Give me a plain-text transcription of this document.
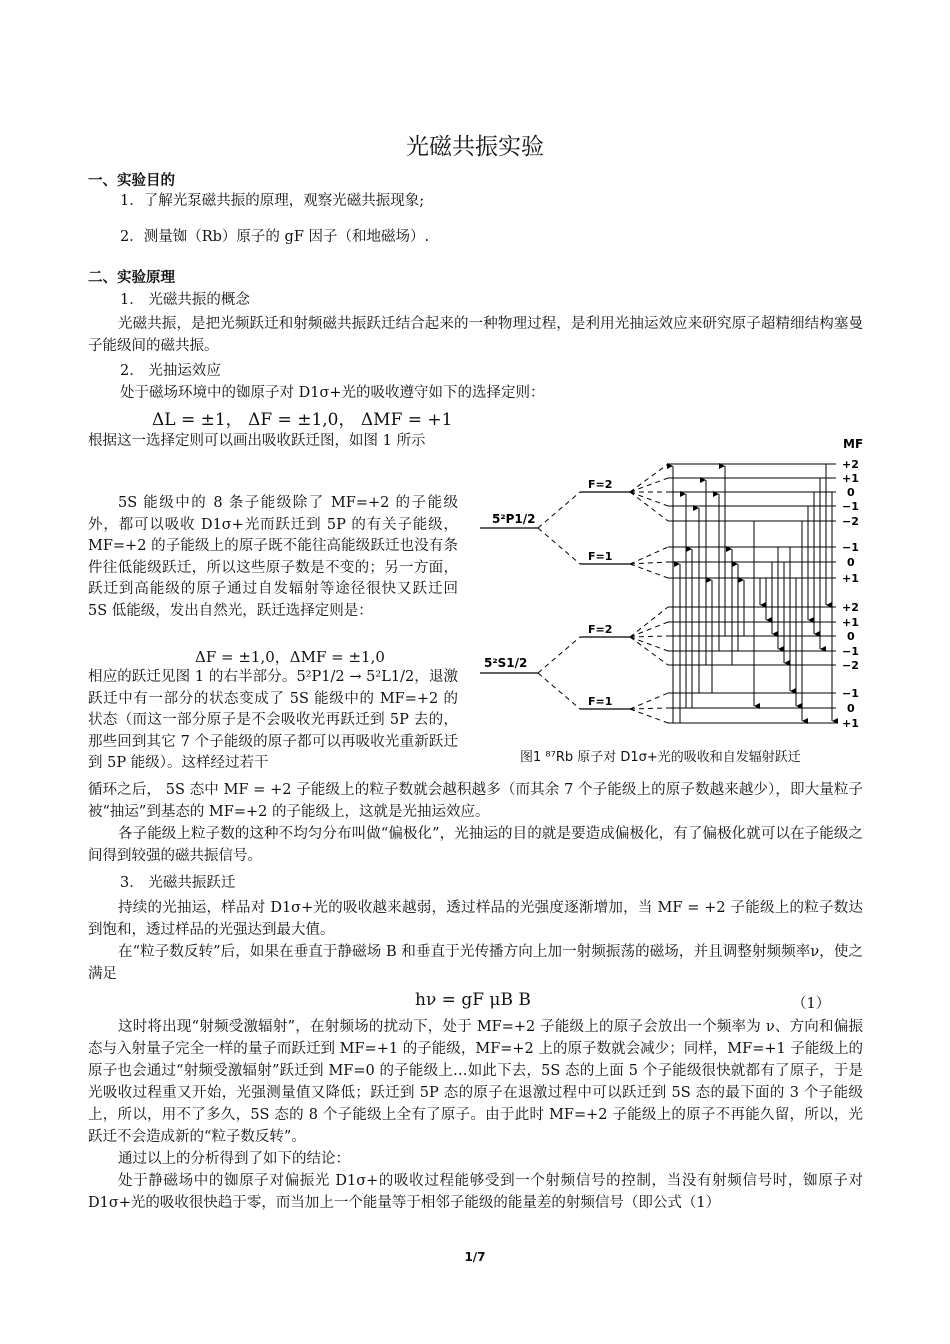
光磁共振实验
一、实验目的
1．了解光泵磁共振的原理，观察光磁共振现象;
2．测量铷（Rb）原子的 gF 因子（和地磁场）.
二、实验原理
1． 光磁共振的概念

光磁共振，是把光频跃迁和射频磁共振跃迁结合起来的一种物理过程，是利用光抽运效应来研究原子超精细结构塞曼子能级间的磁共振。

2． 光抽运效应
处于磁场环境中的铷原子对 D1σ+光的吸收遵守如下的选择定则：
ΔL = ±1， ΔF = ±1,0， ΔMF = +1

根据这一选择定则可以画出吸收跃迁图，如图 1 所示

5S 能级中的 8 条子能级除了 MF=+2 的子能级外，都可以吸收 D1σ+光而跃迁到 5P 的有关子能级，MF=+2 的子能级上的原子既不能往高能级跃迁也没有条件往低能级跃迁，所以这些原子数是不变的；另一方面，跃迁到高能级的原子通过自发辐射等途径很快又跃迁回 5S 低能级，发出自然光，跃迁选择定则是：

ΔF = ±1,0，ΔMF = ±1,0

相应的跃迁见图 1 的右半部分。5²P1/2 → 5²L1/2，退激跃迁中有一部分的状态变成了 5S 能级中的 MF=+2 的状态（而这一部分原子是不会吸收光再跃迁到 5P 去的，那些回到其它 7 个子能级的原子都可以再吸收光重新跃迁到 5P 能级）。这样经过若干

循环之后， 5S 态中 MF = +2 子能级上的粒子数就会越积越多（而其余 7 个子能级上的原子数越来越少），即大量粒子被“抽运”到基态的 MF=+2 的子能级上，这就是光抽运效应。

各子能级上粒子数的这种不均匀分布叫做“偏极化”，光抽运的目的就是要造成偏极化，有了偏极化就可以在子能级之间得到较强的磁共振信号。

3． 光磁共振跃迁

持续的光抽运，样品对 D1σ+光的吸收越来越弱，透过样品的光强度逐渐增加，当 MF = +2 子能级上的粒子数达到饱和，透过样品的光强达到最大值。

在“粒子数反转”后，如果在垂直于静磁场 B 和垂直于光传播方向上加一射频振荡的磁场，并且调整射频频率ν，使之满足

hν = gF μB B	（1）

这时将出现“射频受激辐射”，在射频场的扰动下，处于 MF=+2 子能级上的原子会放出一个频率为 ν、方向和偏振态与入射量子完全一样的量子而跃迁到 MF=+1 的子能级，MF=+2 上的原子数就会减少；同样，MF=+1 子能级上的原子也会通过“射频受激辐射”跃迁到 MF=0 的子能级上…如此下去，5S 态的上面 5 个子能级很快就都有了原子，于是光吸收过程重又开始，光强测量值又降低；跃迁到 5P 态的原子在退激过程中可以跃迁到 5S 态的最下面的 3 个子能级上，所以，用不了多久，5S 态的 8 个子能级上全有了原子。由于此时 MF=+2 子能级上的原子不再能久留，所以，光跃迁不会造成新的“粒子数反转”。

通过以上的分析得到了如下的结论：

处于静磁场中的铷原子对偏振光 D1σ+的吸收过程能够受到一个射频信号的控制，当没有射频信号时，铷原子对 D1σ+光的吸收很快趋于零，而当加上一个能量等于相邻子能级的能量差的射频信号（即公式（1）

MF
5²P1/2
5²S1/2
F=2
F=1
F=2
F=1
+2
+1
0
−1
−2
−1
0
+1
+2
+1
0
−1
−2
−1
0
+1
图1 ⁸⁷Rb 原子对 D1σ+光的吸收和自发辐射跃迁
1/7
